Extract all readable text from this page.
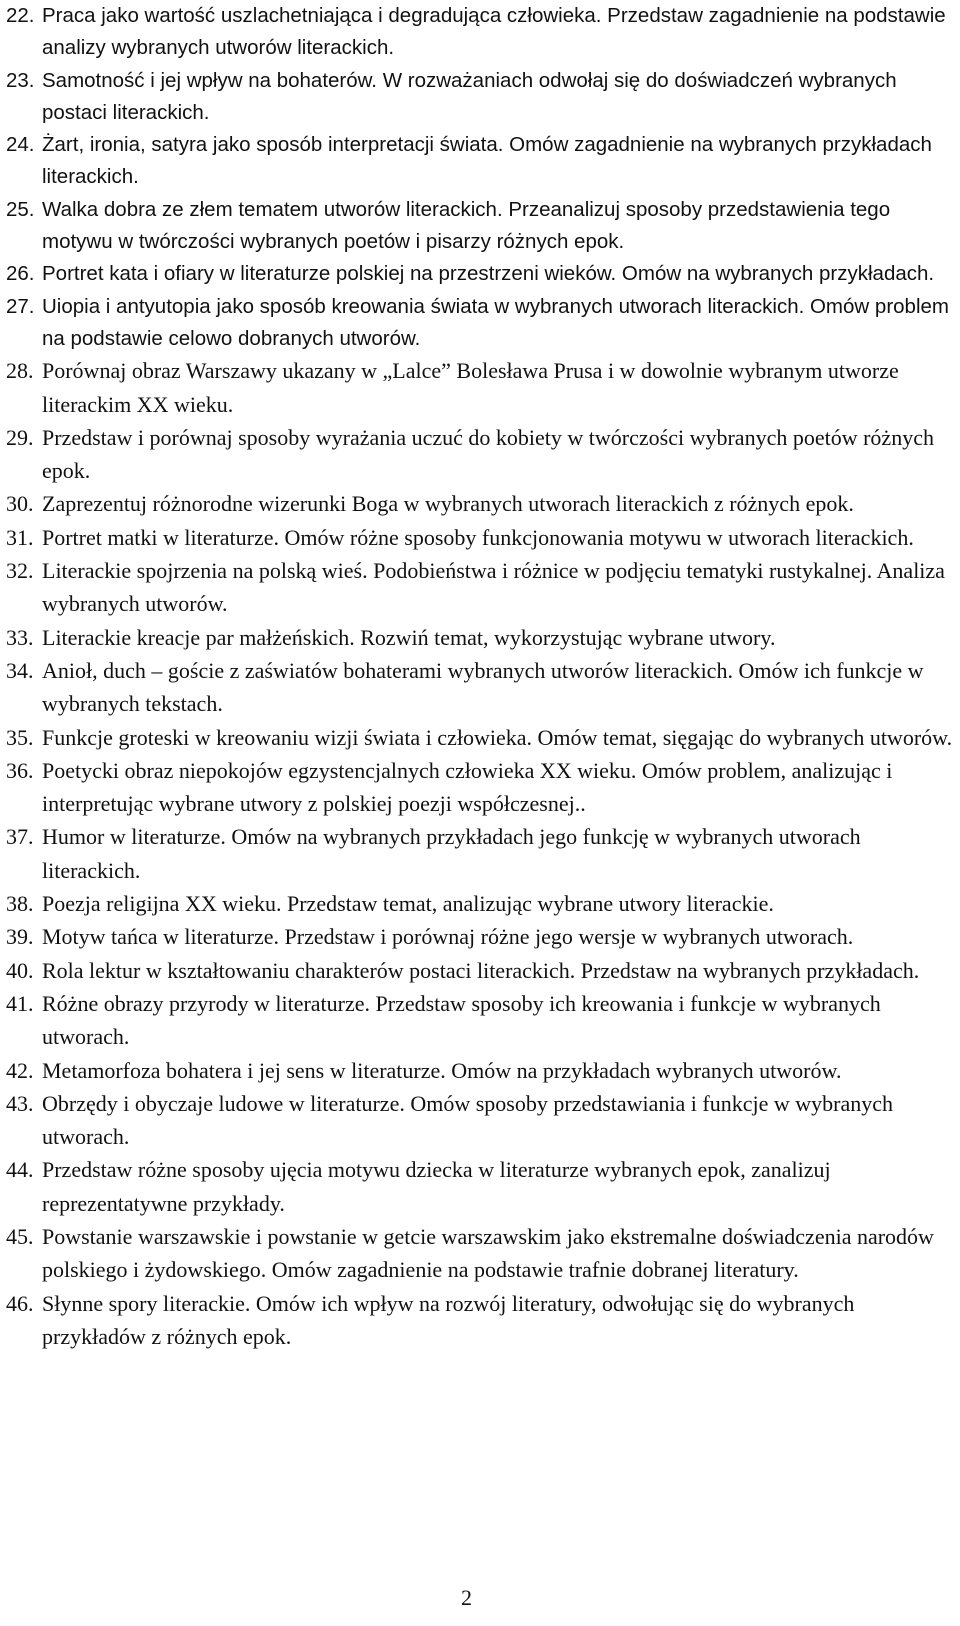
22. Praca jako wartość uszlachetniająca i degradująca człowieka. Przedstaw zagadnienie na podstawie analizy wybranych utworów literackich.
23. Samotność i jej wpływ na bohaterów. W rozważaniach odwołaj się do doświadczeń wybranych postaci literackich.
24. Żart, ironia, satyra jako sposób interpretacji świata. Omów zagadnienie na wybranych przykładach literackich.
25. Walka dobra ze złem tematem utworów literackich. Przeanalizuj sposoby przedstawienia tego motywu w twórczości wybranych poetów i pisarzy różnych epok.
26. Portret kata i ofiary w literaturze polskiej na przestrzeni wieków. Omów na wybranych przykładach.
27. Uiopia i antyutopia jako sposób kreowania świata w wybranych utworach literackich. Omów problem na podstawie celowo dobranych utworów.
28. Porównaj obraz Warszawy ukazany w „Lalce” Bolesława Prusa i w dowolnie wybranym utworze literackim XX wieku.
29. Przedstaw i porównaj sposoby wyrażania uczuć do kobiety w twórczości wybranych poetów różnych epok.
30. Zaprezentuj różnorodne wizerunki Boga w wybranych utworach literackich z różnych epok.
31. Portret matki w literaturze. Omów różne sposoby funkcjonowania motywu w utworach literackich.
32. Literackie spojrzenia na polską wieś. Podobieństwa i różnice w podjęciu tematyki rustykalnej. Analiza wybranych utworów.
33. Literackie kreacje par małżeńskich. Rozwiń temat, wykorzystując wybrane utwory.
34. Anioł, duch – goście z zaświatów bohaterami wybranych utworów literackich. Omów ich funkcje w wybranych tekstach.
35. Funkcje groteski w kreowaniu wizji świata i człowieka. Omów temat, sięgając do wybranych utworów.
36. Poetycki obraz niepokojów egzystencjalnych człowieka XX wieku. Omów problem, analizując i interpretując wybrane utwory z polskiej poezji współczesnej..
37. Humor w literaturze. Omów na wybranych przykładach jego funkcję w wybranych utworach literackich.
38. Poezja religijna XX wieku. Przedstaw temat, analizując wybrane utwory literackie.
39. Motyw tańca w literaturze. Przedstaw i porównaj różne jego wersje w wybranych utworach.
40. Rola lektur w kształtowaniu charakterów postaci literackich. Przedstaw na wybranych przykładach.
41. Różne obrazy przyrody w literaturze. Przedstaw sposoby ich kreowania i funkcje w wybranych utworach.
42. Metamorfoza bohatera i jej sens w literaturze. Omów na przykładach wybranych utworów.
43. Obrzędy i obyczaje ludowe w literaturze. Omów sposoby przedstawiania i funkcje w wybranych utworach.
44. Przedstaw różne sposoby ujęcia motywu dziecka w literaturze wybranych epok, zanalizuj reprezentatywne przykłady.
45. Powstanie warszawskie i powstanie w getcie warszawskim jako ekstremalne doświadczenia narodów polskiego i żydowskiego. Omów zagadnienie na podstawie trafnie dobranej literatury.
46. Słynne spory literackie. Omów ich wpływ na rozwój literatury, odwołując się do wybranych przykładów z różnych epok.
2
